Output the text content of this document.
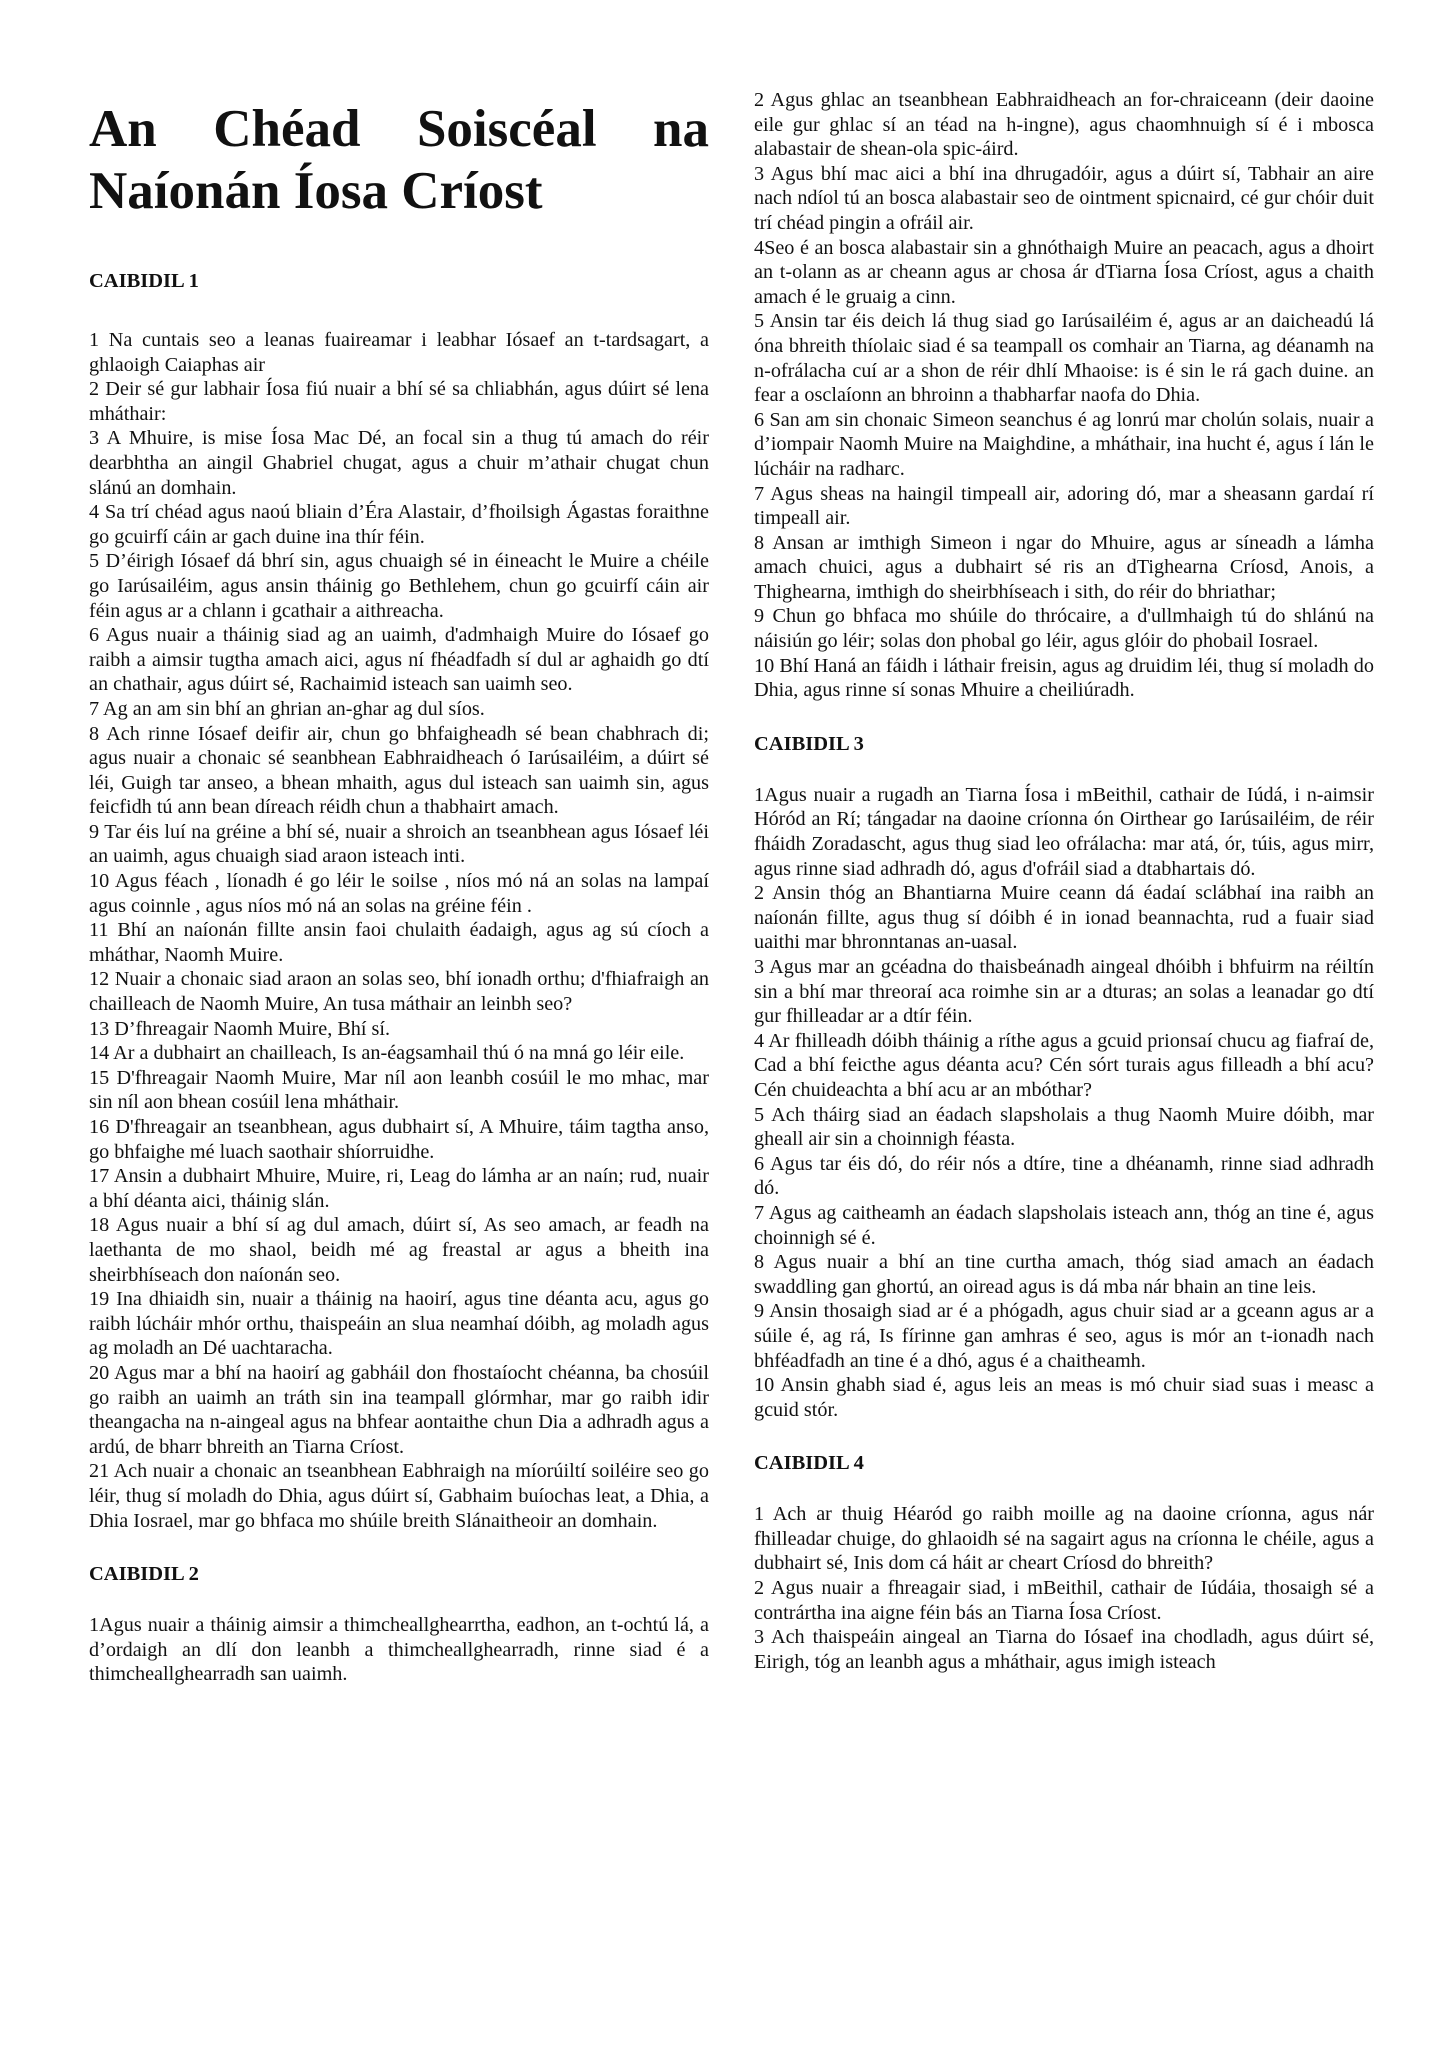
An Chéad Soiscéal na Naíonán Íosa Críost
CAIBIDIL 1

1 Na cuntais seo a leanas fuaireamar i leabhar Iósaef an t-tardsagart, a ghlaoigh Caiaphas air

2 Deir sé gur labhair Íosa fiú nuair a bhí sé sa chliabhán, agus dúirt sé lena mháthair:

3 A Mhuire, is mise Íosa Mac Dé, an focal sin a thug tú amach do réir dearbhtha an aingil Ghabriel chugat, agus a chuir m’athair chugat chun slánú an domhain.

4 Sa trí chéad agus naoú bliain d’Éra Alastair, d’fhoilsigh Ágastas foraithne go gcuirfí cáin ar gach duine ina thír féin.

5 D’éirigh Iósaef dá bhrí sin, agus chuaigh sé in éineacht le Muire a chéile go Iarúsailéim, agus ansin tháinig go Bethlehem, chun go gcuirfí cáin air féin agus ar a chlann i gcathair a aithreacha.

6 Agus nuair a tháinig siad ag an uaimh, d'admhaigh Muire do Iósaef go raibh a aimsir tugtha amach aici, agus ní fhéadfadh sí dul ar aghaidh go dtí an chathair, agus dúirt sé, Rachaimid isteach san uaimh seo.

7 Ag an am sin bhí an ghrian an-ghar ag dul síos.

8 Ach rinne Iósaef deifir air, chun go bhfaigheadh sé bean chabhrach di; agus nuair a chonaic sé seanbhean Eabhraidheach ó Iarúsailéim, a dúirt sé léi, Guigh tar anseo, a bhean mhaith, agus dul isteach san uaimh sin, agus feicfidh tú ann bean díreach réidh chun a thabhairt amach.

9 Tar éis luí na gréine a bhí sé, nuair a shroich an tseanbhean agus Iósaef léi an uaimh, agus chuaigh siad araon isteach inti.

10 Agus féach , líonadh é go léir le soilse , níos mó ná an solas na lampaí agus coinnle , agus níos mó ná an solas na gréine féin .

11 Bhí an naíonán fillte ansin faoi chulaith éadaigh, agus ag sú cíoch a mháthar, Naomh Muire.

12 Nuair a chonaic siad araon an solas seo, bhí ionadh orthu; d'fhiafraigh an chailleach de Naomh Muire, An tusa máthair an leinbh seo?

13 D’fhreagair Naomh Muire, Bhí sí.

14 Ar a dubhairt an chailleach, Is an-éagsamhail thú ó na mná go léir eile.

15 D'fhreagair Naomh Muire, Mar níl aon leanbh cosúil le mo mhac, mar sin níl aon bhean cosúil lena mháthair.

16 D'fhreagair an tseanbhean, agus dubhairt sí, A Mhuire, táim tagtha anso, go bhfaighe mé luach saothair shíorruidhe.

17 Ansin a dubhairt Mhuire, Muire, ri, Leag do lámha ar an naín; rud, nuair a bhí déanta aici, tháinig slán.

18 Agus nuair a bhí sí ag dul amach, dúirt sí, As seo amach, ar feadh na laethanta de mo shaol, beidh mé ag freastal ar agus a bheith ina sheirbhíseach don naíonán seo.

19 Ina dhiaidh sin, nuair a tháinig na haoirí, agus tine déanta acu, agus go raibh lúcháir mhór orthu, thaispeáin an slua neamhaí dóibh, ag moladh agus ag moladh an Dé uachtaracha.

20 Agus mar a bhí na haoirí ag gabháil don fhostaíocht chéanna, ba chosúil go raibh an uaimh an tráth sin ina teampall glórmhar, mar go raibh idir theangacha na n-aingeal agus na bhfear aontaithe chun Dia a adhradh agus a ardú, de bharr bhreith an Tiarna Críost.

21 Ach nuair a chonaic an tseanbhean Eabhraigh na míorúiltí soiléire seo go léir, thug sí moladh do Dhia, agus dúirt sí, Gabhaim buíochas leat, a Dhia, a Dhia Iosrael, mar go bhfaca mo shúile breith Slánaitheoir an domhain.

CAIBIDIL 2

1Agus nuair a tháinig aimsir a thimcheallghearrtha, eadhon, an t-ochtú lá, a d’ordaigh an dlí don leanbh a thimcheallghearradh, rinne siad é a thimcheallghearradh san uaimh.

2 Agus ghlac an tseanbhean Eabhraidheach an for-chraiceann (deir daoine eile gur ghlac sí an téad na h-ingne), agus chaomhnuigh sí é i mbosca alabastair de shean-ola spic-áird.

3 Agus bhí mac aici a bhí ina dhrugadóir, agus a dúirt sí, Tabhair an aire nach ndíol tú an bosca alabastair seo de ointment spicnaird, cé gur chóir duit trí chéad pingin a ofráil air.

4Seo é an bosca alabastair sin a ghnóthaigh Muire an peacach, agus a dhoirt an t-olann as ar cheann agus ar chosa ár dTiarna Íosa Críost, agus a chaith amach é le gruaig a cinn.

5 Ansin tar éis deich lá thug siad go Iarúsailéim é, agus ar an daicheadú lá óna bhreith thíolaic siad é sa teampall os comhair an Tiarna, ag déanamh na n-ofrálacha cuí ar a shon de réir dhlí Mhaoise: is é sin le rá gach duine. an fear a osclaíonn an bhroinn a thabharfar naofa do Dhia.

6 San am sin chonaic Simeon seanchus é ag lonrú mar cholún solais, nuair a d’iompair Naomh Muire na Maighdine, a mháthair, ina hucht é, agus í lán le lúcháir na radharc.

7 Agus sheas na haingil timpeall air, adoring dó, mar a sheasann gardaí rí timpeall air.

8 Ansan ar imthigh Simeon i ngar do Mhuire, agus ar síneadh a lámha amach chuici, agus a dubhairt sé ris an dTighearna Críosd, Anois, a Thighearna, imthigh do sheirbhíseach i sith, do réir do bhriathar;

9 Chun go bhfaca mo shúile do thrócaire, a d'ullmhaigh tú do shlánú na náisiún go léir; solas don phobal go léir, agus glóir do phobail Iosrael.

10 Bhí Haná an fáidh i láthair freisin, agus ag druidim léi, thug sí moladh do Dhia, agus rinne sí sonas Mhuire a cheiliúradh.

CAIBIDIL 3

1Agus nuair a rugadh an Tiarna Íosa i mBeithil, cathair de Iúdá, i n-aimsir Hóród an Rí; tángadar na daoine críonna ón Oirthear go Iarúsailéim, de réir fháidh Zoradascht, agus thug siad leo ofrálacha: mar atá, ór, túis, agus mirr, agus rinne siad adhradh dó, agus d'ofráil siad a dtabhartais dó.

2 Ansin thóg an Bhantiarna Muire ceann dá éadaí sclábhaí ina raibh an naíonán fillte, agus thug sí dóibh é in ionad beannachta, rud a fuair siad uaithi mar bhronntanas an-uasal.

3 Agus mar an gcéadna do thaisbeánadh aingeal dhóibh i bhfuirm na réiltín sin a bhí mar threoraí aca roimhe sin ar a dturas; an solas a leanadar go dtí gur fhilleadar ar a dtír féin.

4 Ar fhilleadh dóibh tháinig a ríthe agus a gcuid prionsaí chucu ag fiafraí de, Cad a bhí feicthe agus déanta acu? Cén sórt turais agus filleadh a bhí acu? Cén chuideachta a bhí acu ar an mbóthar?

5 Ach tháirg siad an éadach slapsholais a thug Naomh Muire dóibh, mar gheall air sin a choinnigh féasta.

6 Agus tar éis dó, do réir nós a dtíre, tine a dhéanamh, rinne siad adhradh dó.

7 Agus ag caitheamh an éadach slapsholais isteach ann, thóg an tine é, agus choinnigh sé é.

8 Agus nuair a bhí an tine curtha amach, thóg siad amach an éadach swaddling gan ghortú, an oiread agus is dá mba nár bhain an tine leis.

9 Ansin thosaigh siad ar é a phógadh, agus chuir siad ar a gceann agus ar a súile é, ag rá, Is fírinne gan amhras é seo, agus is mór an t-ionadh nach bhféadfadh an tine é a dhó, agus é a chaitheamh.

10 Ansin ghabh siad é, agus leis an meas is mó chuir siad suas i measc a gcuid stór.

CAIBIDIL 4

1 Ach ar thuig Héaród go raibh moille ag na daoine críonna, agus nár fhilleadar chuige, do ghlaoidh sé na sagairt agus na críonna le chéile, agus a dubhairt sé, Inis dom cá háit ar cheart Críosd do bhreith?

2 Agus nuair a fhreagair siad, i mBeithil, cathair de Iúdáia, thosaigh sé a contrártha ina aigne féin bás an Tiarna Íosa Críost.

3 Ach thaispeáin aingeal an Tiarna do Iósaef ina chodladh, agus dúirt sé, Eirigh, tóg an leanbh agus a mháthair, agus imigh isteach
